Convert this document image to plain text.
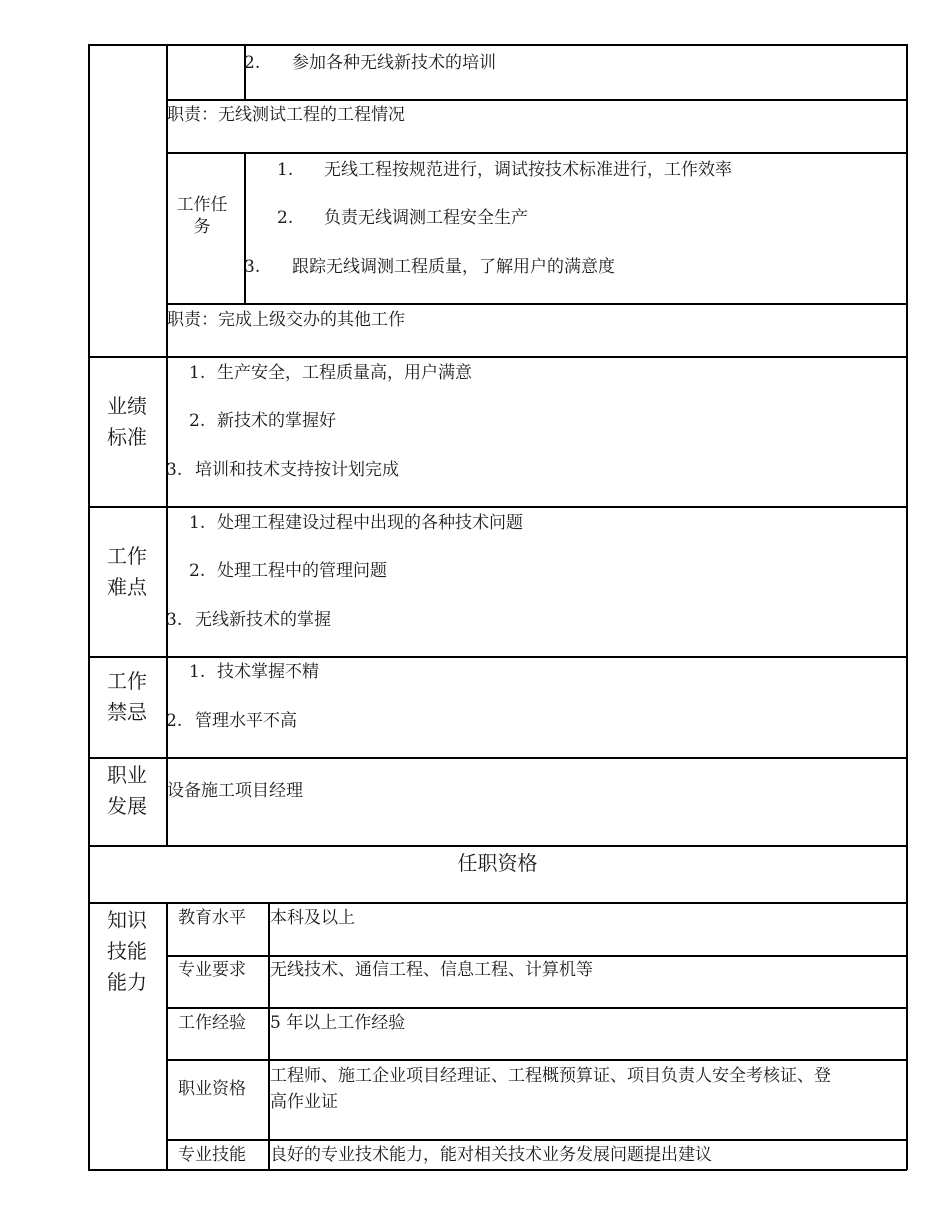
2. 参加各种无线新技术的培训
职责：无线测试工程的工程情况
工作任务
1. 无线工程按规范进行，调试按技术标准进行，工作效率
2. 负责无线调测工程安全生产
3. 跟踪无线调测工程质量，了解用户的满意度
职责：完成上级交办的其他工作
业绩标准
1. 生产安全，工程质量高，用户满意
2. 新技术的掌握好
3. 培训和技术支持按计划完成
工作难点
1. 处理工程建设过程中出现的各种技术问题
2. 处理工程中的管理问题
3. 无线新技术的掌握
工作禁忌
1. 技术掌握不精
2. 管理水平不高
职业发展
设备施工项目经理
任职资格
知识技能能力
教育水平 本科及以上
专业要求 无线技术、通信工程、信息工程、计算机等
工作经验 5 年以上工作经验
职业资格
工程师、施工企业项目经理证、工程概预算证、项目负责人安全考核证、登
高作业证
专业技能 良好的专业技术能力，能对相关技术业务发展问题提出建议
